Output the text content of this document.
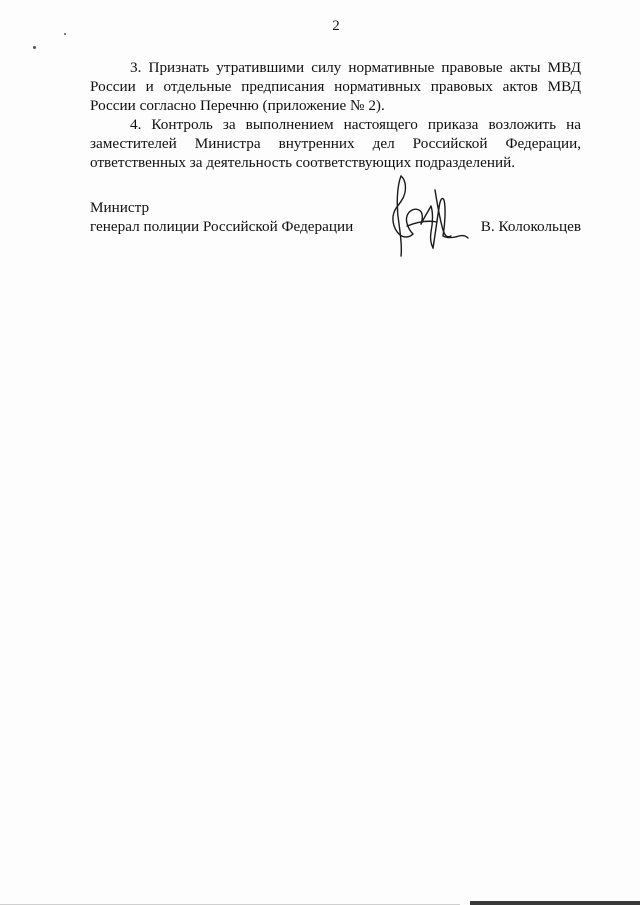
2

3. Признать утратившими силу нормативные правовые акты МВД России и отдельные предписания нормативных правовых актов МВД России согласно Перечню (приложение № 2).

4. Контроль за выполнением настоящего приказа возложить на заместителей Министра внутренних дел Российской Федерации, ответственных за деятельность соответствующих подразделений.

Министр
генерал полиции Российской Федерации	В. Колокольцев
